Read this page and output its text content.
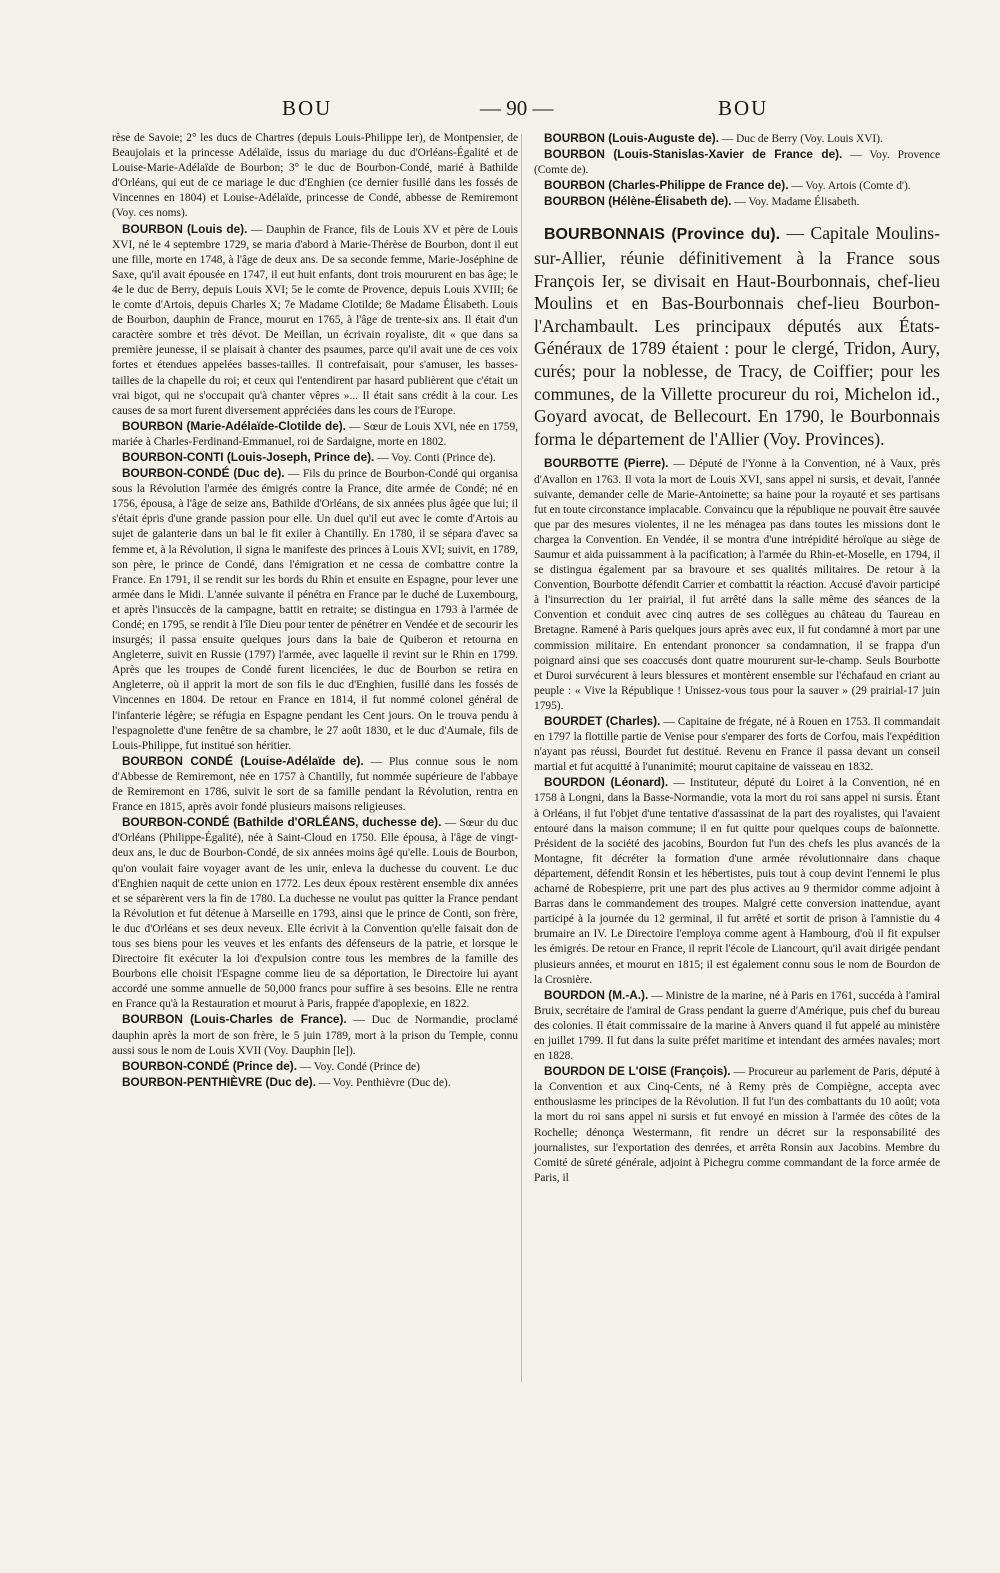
BOU	— 90 —	BOU

rèse de Savoie; 2° les ducs de Chartres (depuis Louis-Philippe Ier), de Montpensier, de Beaujolais et la princesse Adélaïde, issus du mariage du duc d'Orléans-Égalité et de Louise-Marie-Adélaïde de Bourbon; 3° le duc de Bourbon-Condé, marié à Bathilde d'Orléans, qui eut de ce mariage le duc d'Enghien (ce dernier fusillé dans les fossés de Vincennes en 1804) et Louise-Adélaïde, princesse de Condé, abbesse de Remiremont (Voy. ces noms).

BOURBON (Louis de). — Dauphin de France, fils de Louis XV et père de Louis XVI, né le 4 septembre 1729, se maria d'abord à Marie-Thérèse de Bourbon, dont il eut une fille, morte en 1748, à l'âge de deux ans. De sa seconde femme, Marie-Joséphine de Saxe, qu'il avait épousée en 1747, il eut huit enfants, dont trois moururent en bas âge; le 4e le duc de Berry, depuis Louis XVI; 5e le comte de Provence, depuis Louis XVIII; 6e le comte d'Artois, depuis Charles X; 7e Madame Clotilde; 8e Madame Élisabeth. Louis de Bourbon, dauphin de France, mourut en 1765, à l'âge de trente-six ans. Il était d'un caractère sombre et très dévot. De Meillan, un écrivain royaliste, dit « que dans sa première jeunesse, il se plaisait à chanter des psaumes, parce qu'il avait une de ces voix fortes et étendues appelées basses-tailles. Il contrefaisait, pour s'amuser, les basses-tailles de la chapelle du roi; et ceux qui l'entendirent par hasard publièrent que c'était un vrai bigot, qui ne s'occupait qu'à chanter vêpres »... Il était sans crédit à la cour. Les causes de sa mort furent diversement appréciées dans les cours de l'Europe.

BOURBON (Marie-Adélaïde-Clotilde de). — Sœur de Louis XVI, née en 1759, mariée à Charles-Ferdinand-Emmanuel, roi de Sardaigne, morte en 1802.

BOURBON-CONTI (Louis-Joseph, Prince de). — Voy. Conti (Prince de).

BOURBON-CONDÉ (Duc de). — Fils du prince de Bourbon-Condé qui organisa sous la Révolution l'armée des émigrés contre la France, dite armée de Condé; né en 1756, épousa, à l'âge de seize ans, Bathilde d'Orléans, de six années plus âgée que lui; il s'était épris d'une grande passion pour elle. Un duel qu'il eut avec le comte d'Artois au sujet de galanterie dans un bal le fit exiler à Chantilly. En 1780, il se sépara d'avec sa femme et, à la Révolution, il signa le manifeste des princes à Louis XVI; suivit, en 1789, son père, le prince de Condé, dans l'émigration et ne cessa de combattre contre la France. En 1791, il se rendit sur les bords du Rhin et ensuite en Espagne, pour lever une armée dans le Midi. L'année suivante il pénétra en France par le duché de Luxembourg, et après l'insuccès de la campagne, battit en retraite; se distingua en 1793 à l'armée de Condé; en 1795, se rendit à l'île Dieu pour tenter de pénétrer en Vendée et de secourir les insurgés; il passa ensuite quelques jours dans la baie de Quiberon et retourna en Angleterre, suivit en Russie (1797) l'armée, avec laquelle il revint sur le Rhin en 1799. Après que les troupes de Condé furent licenciées, le duc de Bourbon se retira en Angleterre, où il apprit la mort de son fils le duc d'Enghien, fusillé dans les fossés de Vincennes en 1804. De retour en France en 1814, il fut nommé colonel général de l'infanterie légère; se réfugia en Espagne pendant les Cent jours. On le trouva pendu à l'espagnolette d'une fenêtre de sa chambre, le 27 août 1830, et le duc d'Aumale, fils de Louis-Philippe, fut institué son héritier.

BOURBON CONDÉ (Louise-Adélaïde de). — Plus connue sous le nom d'Abbesse de Remiremont, née en 1757 à Chantilly, fut nommée supérieure de l'abbaye de Remiremont en 1786, suivit le sort de sa famille pendant la Révolution, rentra en France en 1815, après avoir fondé plusieurs maisons religieuses.

BOURBON-CONDÉ (Bathilde d'ORLÉANS, duchesse de). — Sœur du duc d'Orléans (Philippe-Égalité), née à Saint-Cloud en 1750. Elle épousa, à l'âge de vingt-deux ans, le duc de Bourbon-Condé, de six années moins âgé qu'elle. Louis de Bourbon, qu'on voulait faire voyager avant de les unir, enleva la duchesse du couvent. Le duc d'Enghien naquit de cette union en 1772. Les deux époux restèrent ensemble dix années et se séparèrent vers la fin de 1780. La duchesse ne voulut pas quitter la France pendant la Révolution et fut détenue à Marseille en 1793, ainsi que le prince de Conti, son frère, le duc d'Orléans et ses deux neveux. Elle écrivit à la Convention qu'elle faisait don de tous ses biens pour les veuves et les enfants des défenseurs de la patrie, et lorsque le Directoire fit exécuter la loi d'expulsion contre tous les membres de la famille des Bourbons elle choisit l'Espagne comme lieu de sa déportation, le Directoire lui ayant accordé une somme annuelle de 50,000 francs pour suffire à ses besoins. Elle ne rentra en France qu'à la Restauration et mourut à Paris, frappée d'apoplexie, en 1822.

BOURBON (Louis-Charles de France). — Duc de Normandie, proclamé dauphin après la mort de son frère, le 5 juin 1789, mort à la prison du Temple, connu aussi sous le nom de Louis XVII (Voy. Dauphin [le]).

BOURBON-CONDÉ (Prince de). — Voy. Condé (Prince de)

BOURBON-PENTHIÈVRE (Duc de). — Voy. Penthièvre (Duc de).

BOURBON (Louis-Auguste de). — Duc de Berry (Voy. Louis XVI).

BOURBON (Louis-Stanislas-Xavier de France de). — Voy. Provence (Comte de).

BOURBON (Charles-Philippe de France de). — Voy. Artois (Comte d').

BOURBON (Hélène-Élisabeth de). — Voy. Madame Élisabeth.

BOURBONNAIS (Province du). — Capitale Moulins-sur-Allier, réunie définitivement à la France sous François Ier, se divisait en Haut-Bourbonnais, chef-lieu Moulins et en Bas-Bourbonnais chef-lieu Bourbon-l'Archambault. Les principaux députés aux États-Généraux de 1789 étaient : pour le clergé, Tridon, Aury, curés; pour la noblesse, de Tracy, de Coiffier; pour les communes, de la Villette procureur du roi, Michelon id., Goyard avocat, de Bellecourt. En 1790, le Bourbonnais forma le département de l'Allier (Voy. Provinces).

BOURBOTTE (Pierre). — Député de l'Yonne à la Convention, né à Vaux, près d'Avallon en 1763. Il vota la mort de Louis XVI, sans appel ni sursis, et devait, l'année suivante, demander celle de Marie-Antoinette; sa haine pour la royauté et ses partisans fut en toute circonstance implacable. Convaincu que la république ne pouvait être sauvée que par des mesures violentes, il ne les ménagea pas dans toutes les missions dont le chargea la Convention. En Vendée, il se montra d'une intrépidité héroïque au siège de Saumur et aida puissamment à la pacification; à l'armée du Rhin-et-Moselle, en 1794, il se distingua également par sa bravoure et ses qualités militaires. De retour à la Convention, Bourbotte défendit Carrier et combattit la réaction. Accusé d'avoir participé à l'insurrection du 1er prairial, il fut arrêté dans la salle même des séances de la Convention et conduit avec cinq autres de ses collègues au château du Taureau en Bretagne. Ramené à Paris quelques jours après avec eux, il fut condamné à mort par une commission militaire. En entendant prononcer sa condamnation, il se frappa d'un poignard ainsi que ses coaccusés dont quatre moururent sur-le-champ. Seuls Bourbotte et Duroi survécurent à leurs blessures et montèrent ensemble sur l'échafaud en criant au peuple : « Vive la République ! Unissez-vous tous pour la sauver » (29 prairial-17 juin 1795).

BOURDET (Charles). — Capitaine de frégate, né à Rouen en 1753. Il commandait en 1797 la flottille partie de Venise pour s'emparer des forts de Corfou, mais l'expédition n'ayant pas réussi, Bourdet fut destitué. Revenu en France il passa devant un conseil martial et fut acquitté à l'unanimité; mourut capitaine de vaisseau en 1832.

BOURDON (Léonard). — Instituteur, député du Loiret à la Convention, né en 1758 à Longni, dans la Basse-Normandie, vota la mort du roi sans appel ni sursis. Étant à Orléans, il fut l'objet d'une tentative d'assassinat de la part des royalistes, qui l'avaient entouré dans la maison commune; il en fut quitte pour quelques coups de baïonnette. Président de la société des jacobins, Bourdon fut l'un des chefs les plus avancés de la Montagne, fit décréter la formation d'une armée révolutionnaire dans chaque département, défendit Ronsin et les hébertistes, puis tout à coup devint l'ennemi le plus acharné de Robespierre, prit une part des plus actives au 9 thermidor comme adjoint à Barras dans le commandement des troupes. Malgré cette conversion inattendue, ayant participé à la journée du 12 germinal, il fut arrêté et sortit de prison à l'amnistie du 4 brumaire an IV. Le Directoire l'employa comme agent à Hambourg, d'où il fit expulser les émigrés. De retour en France, il reprit l'école de Liancourt, qu'il avait dirigée pendant plusieurs années, et mourut en 1815; il est également connu sous le nom de Bourdon de la Crosnière.

BOURDON (M.-A.). — Ministre de la marine, né à Paris en 1761, succéda à l'amiral Bruix, secrétaire de l'amiral de Grass pendant la guerre d'Amérique, puis chef du bureau des colonies. Il était commissaire de la marine à Anvers quand il fut appelé au ministère en juillet 1799. Il fut dans la suite préfet maritime et intendant des armées navales; mort en 1828.

BOURDON DE L'OISE (François). — Procureur au parlement de Paris, député à la Convention et aux Cinq-Cents, né à Remy près de Compiègne, accepta avec enthousiasme les principes de la Révolution. Il fut l'un des combattants du 10 août; vota la mort du roi sans appel ni sursis et fut envoyé en mission à l'armée des côtes de la Rochelle; dénonça Westermann, fit rendre un décret sur la responsabilité des journalistes, sur l'exportation des denrées, et arrêta Ronsin aux Jacobins. Membre du Comité de sûreté générale, adjoint à Pichegru comme commandant de la force armée de Paris, il
